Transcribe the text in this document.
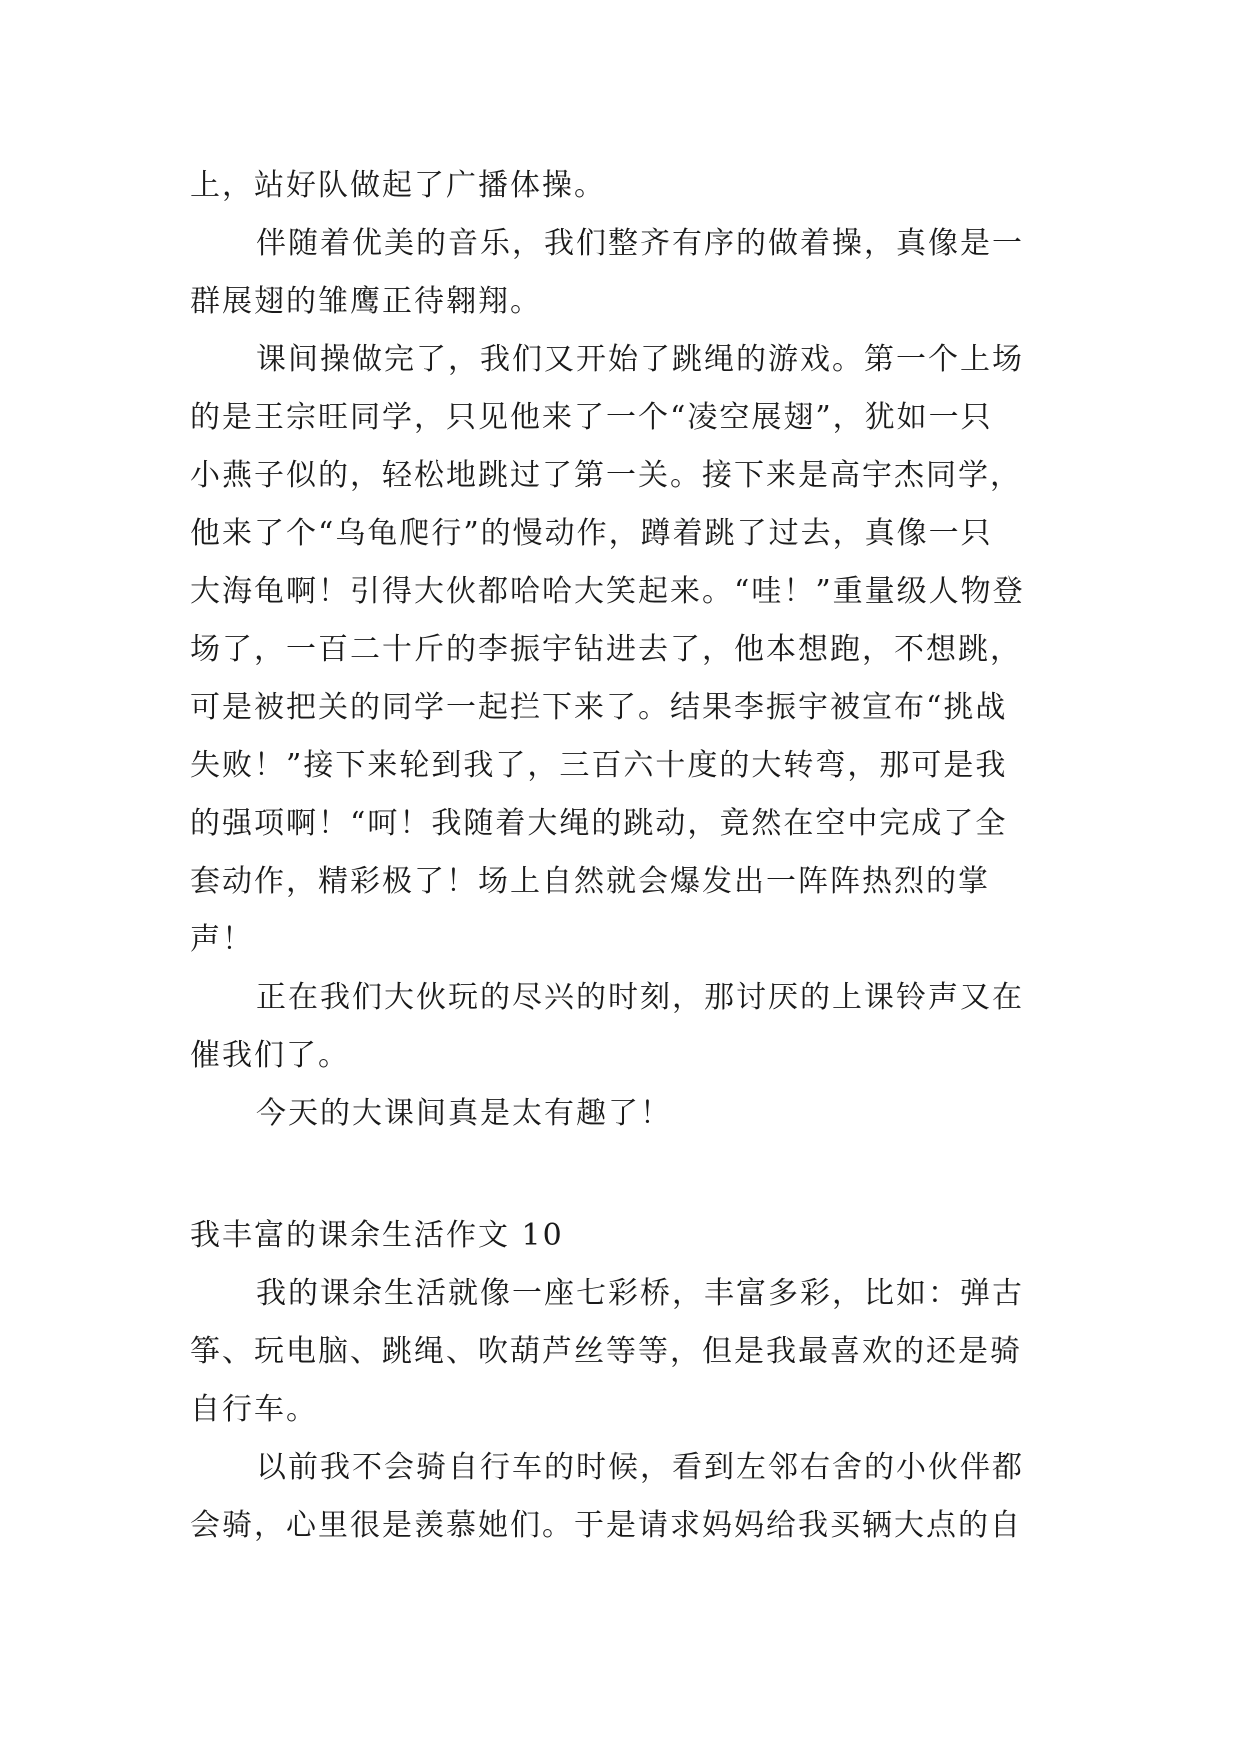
上，站好队做起了广播体操。
伴随着优美的音乐，我们整齐有序的做着操，真像是一
群展翅的雏鹰正待翱翔。
课间操做完了，我们又开始了跳绳的游戏。第一个上场
的是王宗旺同学，只见他来了一个“凌空展翅”，犹如一只
小燕子似的，轻松地跳过了第一关。接下来是高宇杰同学，
他来了个“乌龟爬行”的慢动作，蹲着跳了过去，真像一只
大海龟啊！引得大伙都哈哈大笑起来。“哇！”重量级人物登
场了，一百二十斤的李振宇钻进去了，他本想跑，不想跳，
可是被把关的同学一起拦下来了。结果李振宇被宣布“挑战
失败！”接下来轮到我了，三百六十度的大转弯，那可是我
的强项啊！“呵！我随着大绳的跳动，竟然在空中完成了全
套动作，精彩极了！场上自然就会爆发出一阵阵热烈的掌
声！
正在我们大伙玩的尽兴的时刻，那讨厌的上课铃声又在
催我们了。
今天的大课间真是太有趣了！
我丰富的课余生活作文 10
我的课余生活就像一座七彩桥，丰富多彩，比如：弹古
筝、玩电脑、跳绳、吹葫芦丝等等，但是我最喜欢的还是骑
自行车。
以前我不会骑自行车的时候，看到左邻右舍的小伙伴都
会骑，心里很是羡慕她们。于是请求妈妈给我买辆大点的自
